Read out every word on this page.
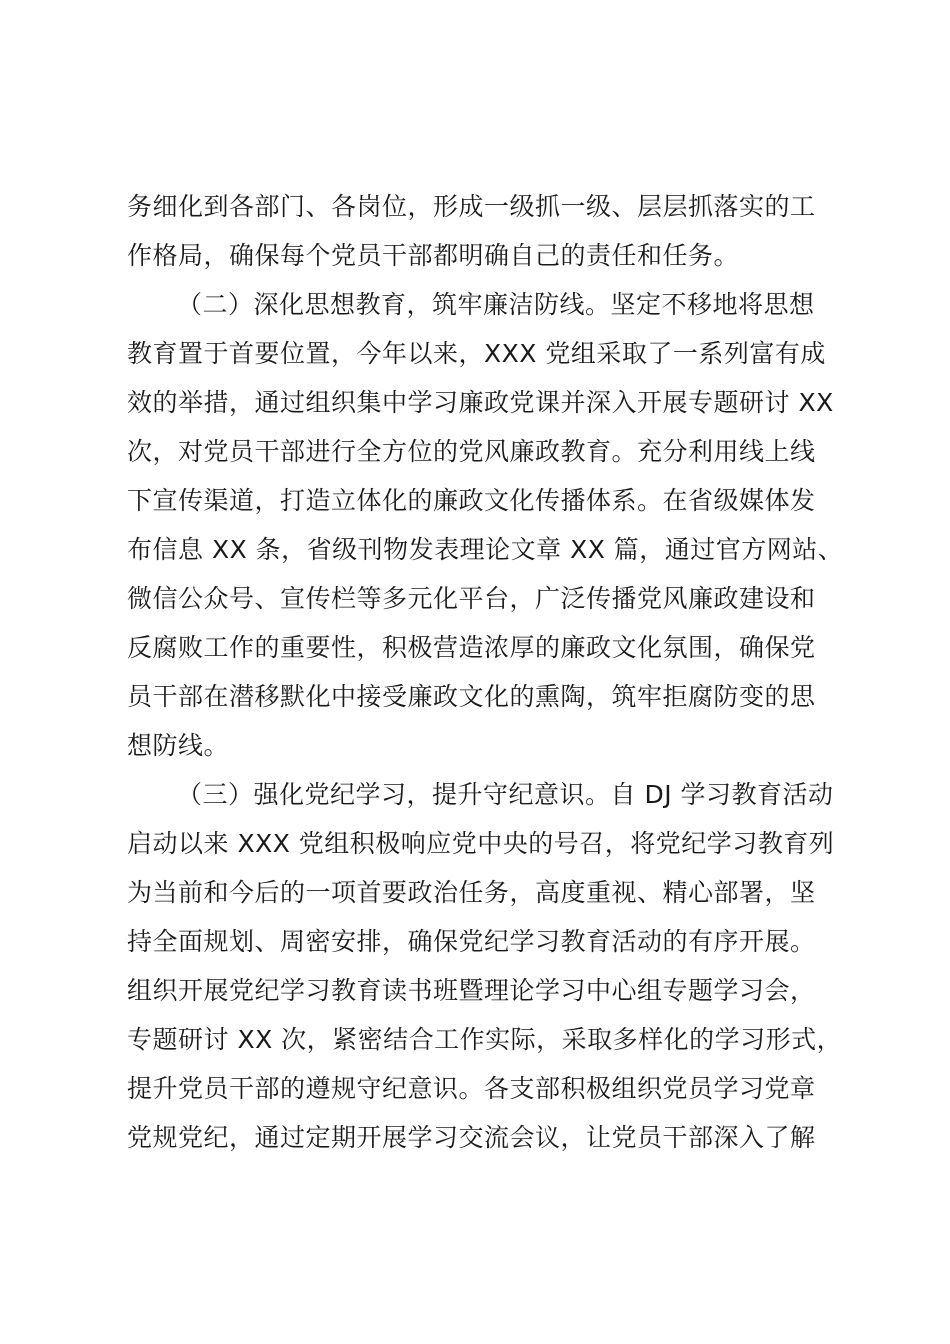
务细化到各部门、各岗位，形成一级抓一级、层层抓落实的工
作格局，确保每个党员干部都明确自己的责任和任务。
（二）深化思想教育，筑牢廉洁防线。坚定不移地将思想
教育置于首要位置，今年以来，XXX 党组采取了一系列富有成
效的举措，通过组织集中学习廉政党课并深入开展专题研讨 XX
次，对党员干部进行全方位的党风廉政教育。充分利用线上线
下宣传渠道，打造立体化的廉政文化传播体系。在省级媒体发
布信息 XX 条，省级刊物发表理论文章 XX 篇，通过官方网站、
微信公众号、宣传栏等多元化平台，广泛传播党风廉政建设和
反腐败工作的重要性，积极营造浓厚的廉政文化氛围，确保党
员干部在潜移默化中接受廉政文化的熏陶，筑牢拒腐防变的思
想防线。
（三）强化党纪学习，提升守纪意识。自 DJ 学习教育活动
启动以来 XXX 党组积极响应党中央的号召，将党纪学习教育列
为当前和今后的一项首要政治任务，高度重视、精心部署，坚
持全面规划、周密安排，确保党纪学习教育活动的有序开展。
组织开展党纪学习教育读书班暨理论学习中心组专题学习会，
专题研讨 XX 次，紧密结合工作实际，采取多样化的学习形式，
提升党员干部的遵规守纪意识。各支部积极组织党员学习党章
党规党纪，通过定期开展学习交流会议，让党员干部深入了解
